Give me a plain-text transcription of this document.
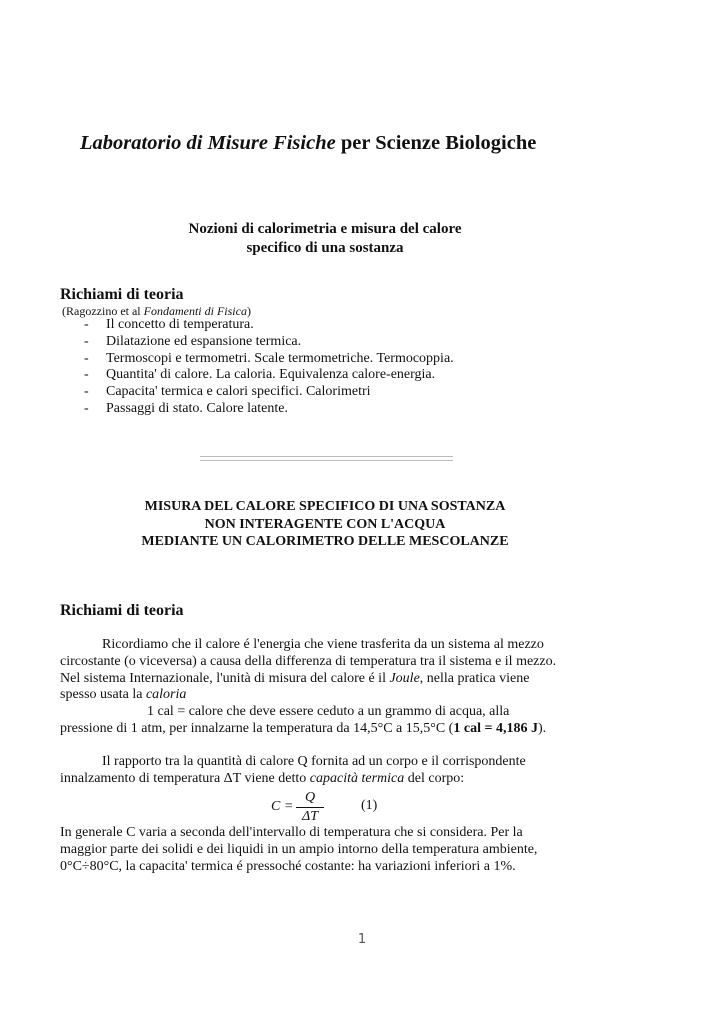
Laboratorio di Misure Fisiche per Scienze Biologiche
Nozioni di calorimetria e misura del calore
specifico di una sostanza
Richiami di teoria
(Ragozzino et al Fondamenti di Fisica)
-	Il concetto di temperatura.
-	Dilatazione ed espansione termica.
-	Termoscopi e termometri. Scale termometriche. Termocoppia.
-	Quantita' di calore. La caloria. Equivalenza calore-energia.
-	Capacita' termica e calori specifici. Calorimetri
-	Passaggi di stato. Calore latente.
MISURA DEL CALORE SPECIFICO DI UNA SOSTANZA
NON INTERAGENTE CON L'ACQUA
MEDIANTE UN CALORIMETRO DELLE MESCOLANZE
Richiami di teoria
Ricordiamo che il calore é l'energia che viene trasferita da un sistema al mezzo
circostante (o viceversa) a causa della differenza di temperatura tra il sistema e il mezzo.
Nel sistema Internazionale, l'unità di misura del calore é il Joule, nella pratica viene
spesso usata la caloria
1 cal = calore che deve essere ceduto a un grammo di acqua, alla
pressione di 1 atm, per innalzarne la temperatura da 14,5°C a 15,5°C (1 cal = 4,186 J).
Il rapporto tra la quantità di calore Q fornita ad un corpo e il corrispondente
innalzamento di temperatura ΔT viene detto capacità termica del corpo:
C =
Q
ΔT
(1)
In generale C varia a seconda dell'intervallo di temperatura che si considera. Per la
maggior parte dei solidi e dei liquidi in un ampio intorno della temperatura ambiente,
0°C÷80°C, la capacita' termica é pressoché costante: ha variazioni inferiori a 1%.
1
